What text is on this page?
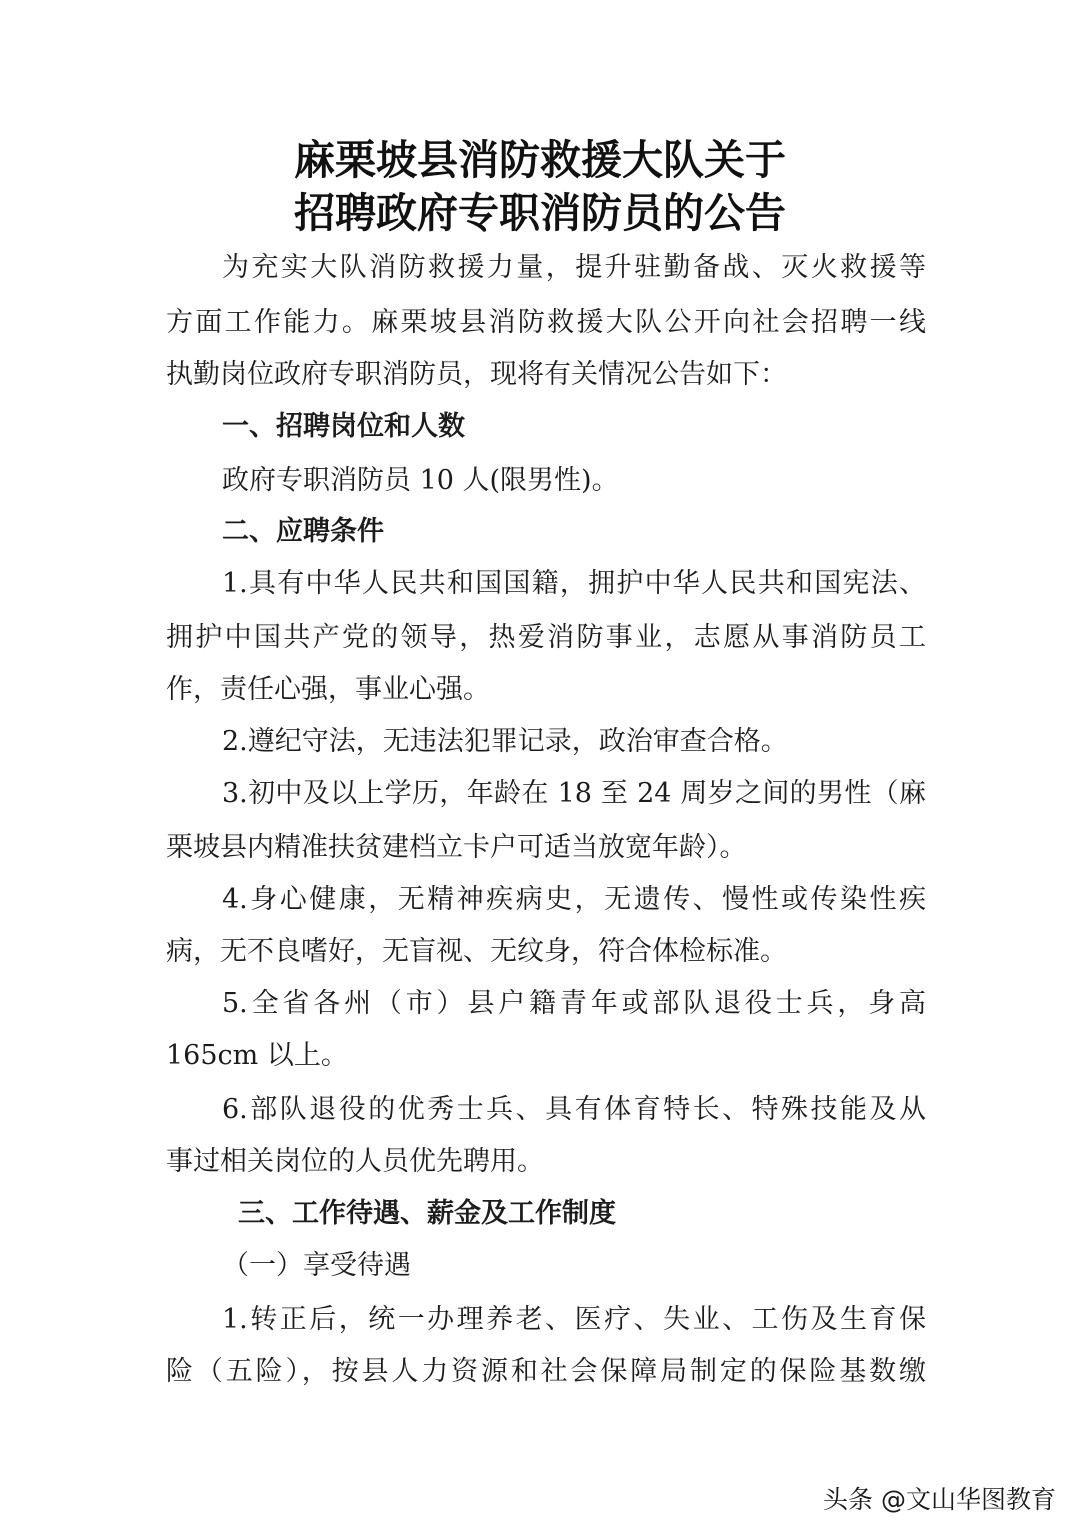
麻栗坡县消防救援大队关于
招聘政府专职消防员的公告
为充实大队消防救援力量，提升驻勤备战、灭火救援等
方面工作能力。麻栗坡县消防救援大队公开向社会招聘一线
执勤岗位政府专职消防员，现将有关情况公告如下：
一、招聘岗位和人数
政府专职消防员 10 人(限男性)。
二、应聘条件
1.具有中华人民共和国国籍，拥护中华人民共和国宪法、
拥护中国共产党的领导，热爱消防事业，志愿从事消防员工
作，责任心强，事业心强。
2.遵纪守法，无违法犯罪记录，政治审查合格。
3.初中及以上学历，年龄在 18 至 24 周岁之间的男性（麻
栗坡县内精准扶贫建档立卡户可适当放宽年龄）。
4.身心健康，无精神疾病史，无遗传、慢性或传染性疾
病，无不良嗜好，无盲视、无纹身，符合体检标准。
5.全省各州（市）县户籍青年或部队退役士兵，身高
165cm 以上。
6.部队退役的优秀士兵、具有体育特长、特殊技能及从
事过相关岗位的人员优先聘用。
三、工作待遇、薪金及工作制度
（一）享受待遇
1.转正后，统一办理养老、医疗、失业、工伤及生育保
险（五险），按县人力资源和社会保障局制定的保险基数缴
头条 @文山华图教育
